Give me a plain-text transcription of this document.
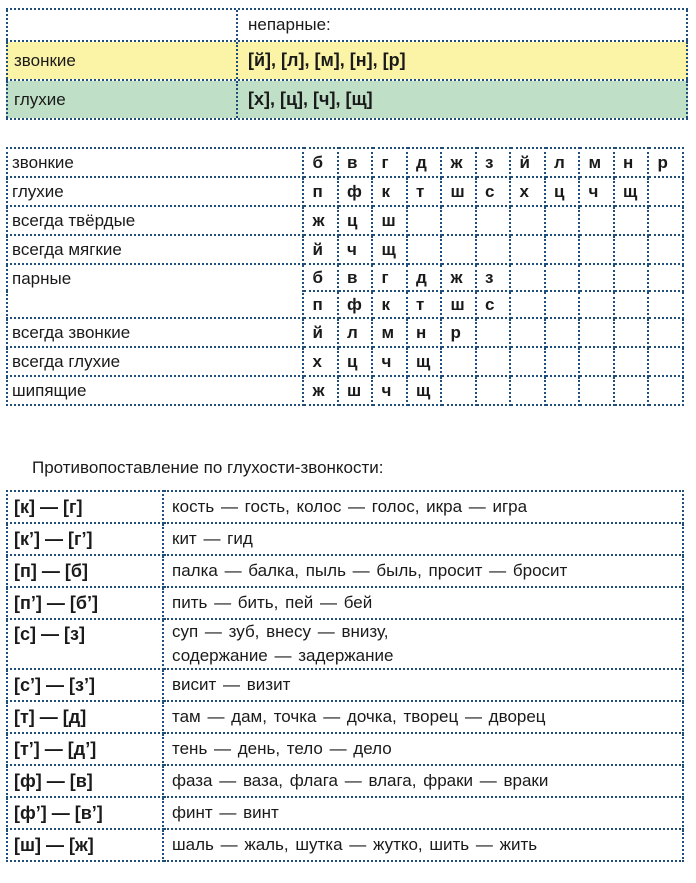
непарные:
звонкие	[й], [л], [м], [н], [р]
глухие	[х], [ц], [ч], [щ]
звонкие	б	в	г	д	ж	з	й	л	м	н	р
глухие	п	ф	к	т	ш	с	х	ц	ч	щ	
всегда твёрдые	ж	ц	ш								
всегда мягкие	й	ч	щ								
парные	б	в	г	д	ж	з					
	п	ф	к	т	ш	с					
всегда звонкие	й	л	м	н	р						
всегда глухие	х	ц	ч	щ							
шипящие	ж	ш	ч	щ							
Противопоставление по глухости-звонкости:
[к] — [г]	кость — гость, колос — голос, икра — игра

[к’] — [г’]	кит — гид

[п] — [б]	палка — балка, пыль — быль, просит — бросит

[п’] — [б’]	пить — бить, пей — бей

[с] — [з]	суп — зуб, внесу — внизу,
содержание — задержание

[с’] — [з’]	висит — визит

[т] — [д]	там — дам, точка — дочка, творец — дворец

[т’] — [д’]	тень — день, тело — дело

[ф] — [в]	фаза — ваза, флага — влага, фраки — враки

[ф’] — [в’]	финт — винт

[ш] — [ж]	шаль — жаль, шутка — жутко, шить — жить
